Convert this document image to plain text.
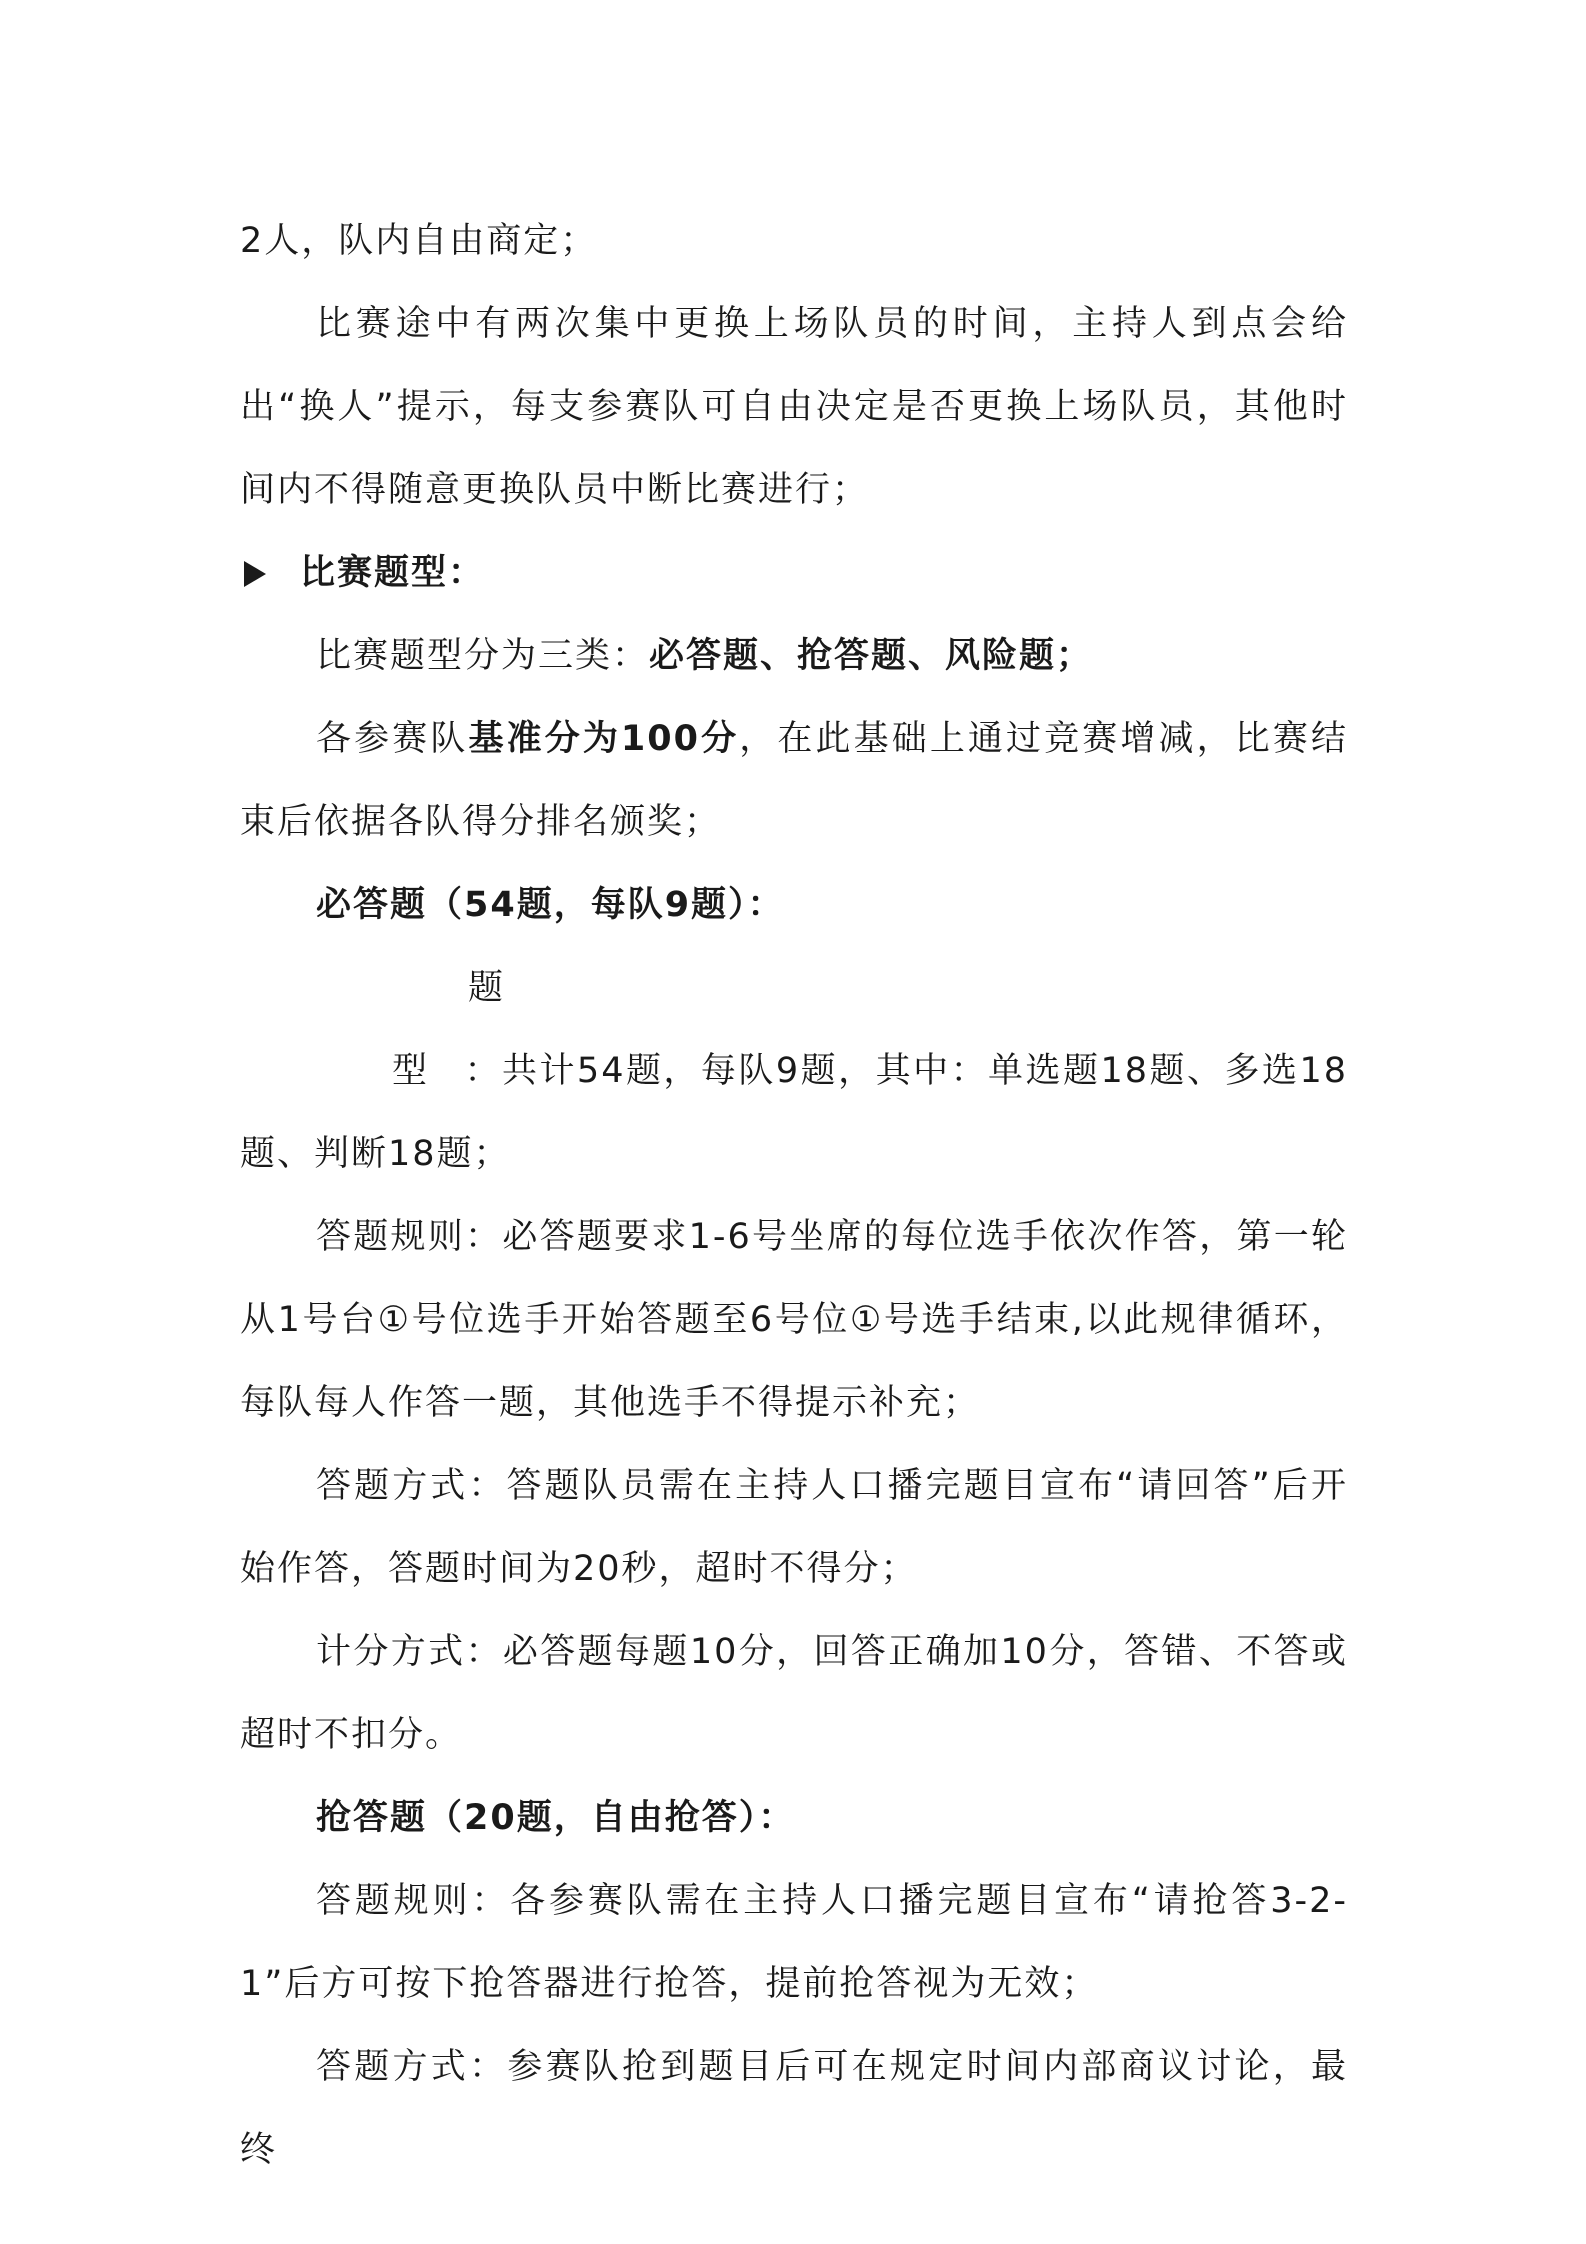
2人，队内自由商定；

比赛途中有两次集中更换上场队员的时间，主持人到点会给出“换人”提示，每支参赛队可自由决定是否更换上场队员，其他时间内不得随意更换队员中断比赛进行；

比赛题型：

比赛题型分为三类：必答题、抢答题、风险题；

各参赛队基准分为100分，在此基础上通过竞赛增减，比赛结束后依据各队得分排名颁奖；

必答题（54题，每队9题）：

题型 ：共计54题，每队9题，其中：单选题18题、多选18题、判断18题；

答题规则：必答题要求1-6号坐席的每位选手依次作答，第一轮从1号台①号位选手开始答题至6号位①号选手结束,以此规律循环，每队每人作答一题，其他选手不得提示补充；

答题方式：答题队员需在主持人口播完题目宣布“请回答”后开始作答，答题时间为20秒，超时不得分；

计分方式：必答题每题10分，回答正确加10分，答错、不答或超时不扣分。

抢答题（20题，自由抢答）：

答题规则：各参赛队需在主持人口播完题目宣布“请抢答3-2-1”后方可按下抢答器进行抢答，提前抢答视为无效；

答题方式：参赛队抢到题目后可在规定时间内部商议讨论，最终
